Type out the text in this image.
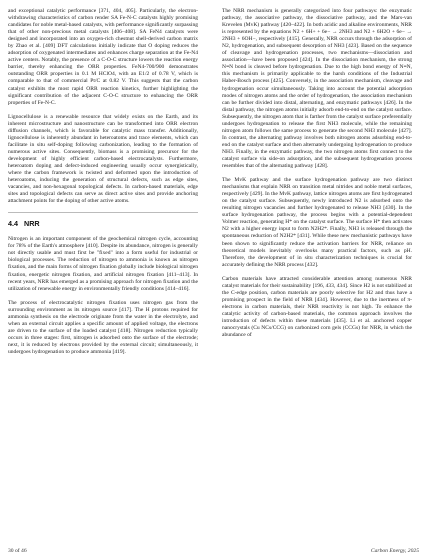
and exceptional catalytic performance [371, 404, 405]. Particularly, the electron-withdrawing characteristics of carbon render SA Fe-N-C catalysts highly promising candidates for noble metal-based catalysts, with performance significantly surpassing that of other non-precious metal catalysts [406–408]. SA FeN4 catalysts were designed and incorporated into an oxygen-rich chestnut shell-derived carbon matrix by Zhao et al. [409] DFT calculations initially indicate that O doping reduces the adsorption of oxygenated intermediates and enhances charge separation at the Fe-N4 active centers. Notably, the presence of a C-O-C structure lowers the reaction energy barrier, thereby enhancing the ORR properties. FeN4-700/900 demonstrates outstanding ORR properties in 0.1 M HClO4, with an E1/2 of 0.78 V, which is comparable to that of commercial Pt/C at 0.82 V. This suggests that the carbon catalyst exhibits the most rapid ORR reaction kinetics, further highlighting the significant contribution of the adjacent C-O-C structure to enhancing the ORR properties of Fe-N-C.

Lignocellulose is a renewable resource that widely exists on the Earth, and its inherent microstructure and nanostructure can be transformed into ORR electron diffusion channels, which is favorable for catalytic mass transfer. Additionally, lignocellulose is inherently abundant in heteroatoms and trace elements, which can facilitate in situ self-doping following carbonization, leading to the formation of numerous active sites. Consequently, biomass is a promising precursor for the development of highly efficient carbon-based electrocatalysts. Furthermore, heteroatom doping and defect-induced engineering usually occur synergistically, where the carbon framework is twisted and deformed upon the introduction of heteroatoms, inducing the generation of structural defects, such as edge sites, vacancies, and non-hexagonal topological defects. In carbon-based materials, edge sites and topological defects can serve as direct active sites and provide anchoring attachment points for the doping of other active atoms.

4.4 NRR

Nitrogen is an important component of the geochemical nitrogen cycle, accounting for 78% of the Earth's atmosphere [410]. Despite its abundance, nitrogen is generally not directly usable and must first be "fixed" into a form useful for industrial or biological processes. The reduction of nitrogen to ammonia is known as nitrogen fixation, and the main forms of nitrogen fixation globally include biological nitrogen fixation, energetic nitrogen fixation, and artificial nitrogen fixation [411–413]. In recent years, NRR has emerged as a promising approach for nitrogen fixation and the utilization of renewable energy in environmentally friendly conditions [414–416].

The process of electrocatalytic nitrogen fixation uses nitrogen gas from the surrounding environment as its nitrogen source [417]. The H protons required for ammonia synthesis on the electrode originate from the water in the electrolyte, and when an external circuit applies a specific amount of applied voltage, the electrons are driven to the surface of the loaded catalyst [418]. Nitrogen reduction typically occurs in three stages: first, nitrogen is adsorbed onto the surface of the electrode; next, it is reduced by electrons provided by the external circuit; simultaneously, it undergoes hydrogenation to produce ammonia [419].

The NRR mechanism is generally categorized into four pathways: the enzymatic pathway, the associative pathway, the dissociative pathway, and the Mars-van Krevelen (MvK) pathway [420–422]. In both acidic and alkaline environments, NRR is represented by the equations N2 + 6H+ + 6e− → 2NH3 and N2 + 6H2O + 6e− → 2NH3 + 6OH−, respectively [415]. Generally, NRR occurs through the adsorption of N2, hydrogenation, and subsequent desorption of NH3 [423]. Based on the sequence of cleavage and hydrogenation processes, two mechanisms—dissociation and association—have been proposed [424]. In the dissociation mechanism, the strong N≡N bond is cleaved before hydrogenation. Due to the high bond energy of N≡N, this mechanism is primarily applicable to the harsh conditions of the Industrial Haber-Bosch process [425]. Conversely, in the association mechanism, cleavage and hydrogenation occur simultaneously. Taking into account the potential adsorption modes of nitrogen atoms and the order of hydrogenation, the association mechanism can be further divided into distal, alternating, and enzymatic pathways [426]. In the distal pathway, the nitrogen atoms initially adsorb end-to-end on the catalyst surface. Subsequently, the nitrogen atom that is farther from the catalyst surface preferentially undergoes hydrogenation to release the first NH3 molecule, while the remaining nitrogen atom follows the same process to generate the second NH3 molecule [427]. In contrast, the alternating pathway involves both nitrogen atoms adsorbing end-to-end on the catalyst surface and then alternately undergoing hydrogenation to produce NH3. Finally, in the enzymatic pathway, the two nitrogen atoms first connect to the catalyst surface via side-on adsorption, and the subsequent hydrogenation process resembles that of the alternating pathway [428].

The MvK pathway and the surface hydrogenation pathway are two distinct mechanisms that explain NRR on transition metal nitrides and noble metal surfaces, respectively [429]. In the MvK pathway, lattice nitrogen atoms are first hydrogenated on the catalyst surface. Subsequently, newly introduced N2 is adsorbed onto the resulting nitrogen vacancies and further hydrogenated to release NH3 [430]. In the surface hydrogenation pathway, the process begins with a potential-dependent Volmer reaction, generating H* on the catalyst surface. The surface H* then activates N2 with a higher energy input to form N2H2*. Finally, NH3 is released through the spontaneous reduction of N2H2* [431]. While these new mechanistic pathways have been shown to significantly reduce the activation barriers for NRR, reliance on theoretical models inevitably overlooks many practical factors, such as pH. Therefore, the development of in situ characterization techniques is crucial for accurately defining the NRR process [432].

Carbon materials have attracted considerable attention among numerous NRR catalyst materials for their sustainability [196, 433, 434]. Since H2 is not stabilized at the C-edge position, carbon materials are poorly selective for H2 and thus have a promising prospect in the field of NRR [434]. However, due to the inertness of π-electrons in carbon materials, their NRR reactivity is not high. To enhance the catalytic activity of carbon-based materials, the common approach involves the introduction of defects within these materials [435]. Li et al. anchored copper nanocrystals (Cu NCs/CCG) on carbonized corn gels (CCGs) for NRR, in which the abundance of

30 of 46	Carbon Energy, 2025
